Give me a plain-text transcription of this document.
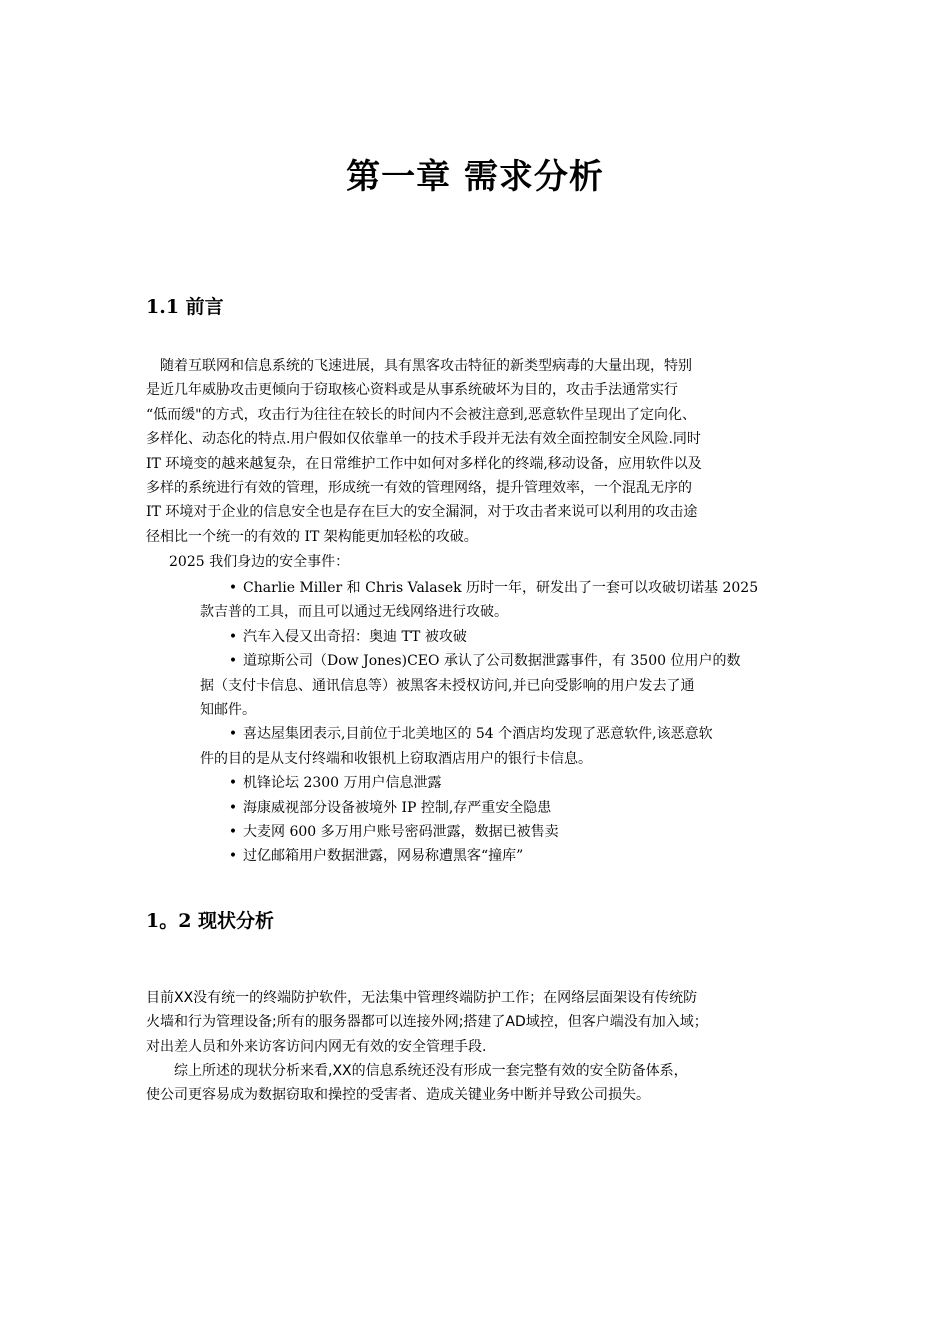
第一章 需求分析
1.1 前言
　随着互联网和信息系统的飞速进展，具有黑客攻击特征的新类型病毒的大量出现，特别
是近几年威胁攻击更倾向于窃取核心资料或是从事系统破坏为目的，攻击手法通常实行
“低而缓"的方式，攻击行为往往在较长的时间内不会被注意到,恶意软件呈现出了定向化、
多样化、动态化的特点.用户假如仅依靠单一的技术手段并无法有效全面控制安全风险.同时
IT 环境变的越来越复杂，在日常维护工作中如何对多样化的终端,移动设备，应用软件以及
多样的系统进行有效的管理，形成统一有效的管理网络，提升管理效率，一个混乱无序的
IT 环境对于企业的信息安全也是存在巨大的安全漏洞，对于攻击者来说可以利用的攻击途
径相比一个统一的有效的 IT 架构能更加轻松的攻破。
2025 我们身边的安全事件：
• Charlie Miller 和 Chris Valasek 历时一年，研发出了一套可以攻破切诺基 2025
款吉普的工具，而且可以通过无线网络进行攻破。
• 汽车入侵又出奇招：奥迪 TT 被攻破
• 道琼斯公司（Dow Jones)CEO 承认了公司数据泄露事件，有 3500 位用户的数
据（支付卡信息、通讯信息等）被黑客未授权访问,并已向受影响的用户发去了通
知邮件。
• 喜达屋集团表示,目前位于北美地区的 54 个酒店均发现了恶意软件,该恶意软
件的目的是从支付终端和收银机上窃取酒店用户的银行卡信息。
• 机锋论坛 2300 万用户信息泄露
• 海康威视部分设备被境外 IP 控制,存严重安全隐患
• 大麦网 600 多万用户账号密码泄露，数据已被售卖
• 过亿邮箱用户数据泄露，网易称遭黑客“撞库”
1。2 现状分析
目前XX没有统一的终端防护软件，无法集中管理终端防护工作；在网络层面架设有传统防
火墙和行为管理设备;所有的服务器都可以连接外网;搭建了AD域控，但客户端没有加入域；
对出差人员和外来访客访问内网无有效的安全管理手段.
　　综上所述的现状分析来看,XX的信息系统还没有形成一套完整有效的安全防备体系，
使公司更容易成为数据窃取和操控的受害者、造成关键业务中断并导致公司损失。
